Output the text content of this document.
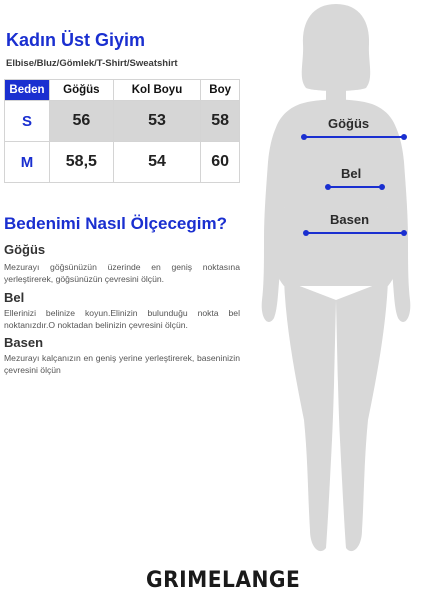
Kadın Üst Giyim
Elbise/Bluz/Gömlek/T-Shirt/Sweatshirt
Beden	Göğüs	Kol Boyu	Boy
S	56	53	58
M	58,5	54	60
Bedenimi Nasıl Ölçecegim?
Göğüs
Mezurayı göğsünüzün üzerinde en geniş noktasına yerleştirerek, göğsünüzün çevresini ölçün.
Bel
Ellerinizi belinize koyun.Elinizin bulunduğu nokta bel noktanızdır.O noktadan belinizin çevresini ölçün.
Basen
Mezurayı kalçanızın en geniş yerine yerleştirerek, baseninizin çevresini ölçün
Göğüs
Bel
Basen
GRIMELANGE
